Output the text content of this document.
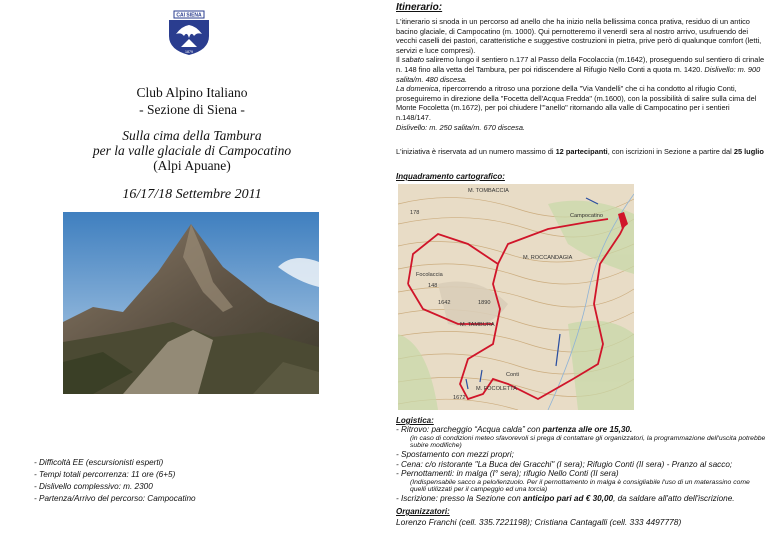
CAI SIENA
1879
Club Alpino Italiano
- Sezione di Siena -
Sulla cima della Tambura
per la valle glaciale di Campocatino
(Alpi Apuane)
16/17/18 Settembre 2011
- Difficoltà EE (escursionisti esperti)
- Tempi totali percorrenza: 11 ore (6+5)
- Dislivello complessivo: m. 2300
- Partenza/Arrivo del percorso: Campocatino
Itinerario:

L'itinerario si snoda in un percorso ad anello che ha inizio nella bellissima conca prativa, residuo di un antico bacino glaciale, di Campocatino (m. 1000). Qui pernotteremo il venerdì sera al nostro arrivo, usufruendo dei vecchi caselli dei pastori, caratteristiche e suggestive costruzioni in pietra, prive però di qualunque comfort (letti, servizi e luce compresi).

Il sabato saliremo lungo il sentiero n.177 al Passo della Focolaccia (m.1642), proseguendo sul sentiero di crinale n. 148 fino alla vetta del Tambura, per poi ridiscendere al Rifugio Nello Conti a quota m. 1420. Dislivello: m. 900 salita/m. 480 discesa.

La domenica, ripercorrendo a ritroso una porzione della "Via Vandelli" che ci ha condotto al rifugio Conti, proseguiremo in direzione della "Focetta dell'Acqua Fredda" (m.1600), con la possibilità di salire sulla cima del Monte Focoletta (m.1672), per poi chiudere l'"anello" ritornando alla valle di Campocatino per i sentieri n.148/147.

Dislivello: m. 250 salita/m. 670 discesa.

L'iniziativa è riservata ad un numero massimo di 12 partecipanti, con iscrizioni in Sezione a partire dal 25 luglio
Inquadramento cartografico:
M. TOMBACCIA
Campocatino
M. ROCCANDAGIA
Focolaccia
148
M. TAMBURA
M. FOCOLETTA
Conti
1642	1890
1672
178
Logistica:
- Ritrovo: parcheggio “Acqua calda” con partenza alle ore 15,30.
(in caso di condizioni meteo sfavorevoli si prega di contattare gli organizzatori, la programmazione dell'uscita potrebbe subire modifiche)
- Spostamento con mezzi propri;
- Cena: c/o ristorante "La Buca dei Gracchi" (I sera); Rifugio Conti (II sera) - Pranzo al sacco;
- Pernottamenti: in malga (I° sera); rifugio Nello Conti (II sera)
(Indispensabile sacco a pelo/lenzuolo. Per il pernottamento in malga è consigliabile l'uso di un materassino come quelli utilizzati per il campeggio ed una torcia)
- Iscrizione: presso la Sezione con anticipo pari ad € 30,00, da saldare all'atto dell'iscrizione.
Organizzatori:
Lorenzo Franchi (cell. 335.7221198); Cristiana Cantagalli (cell. 333 4497778)
